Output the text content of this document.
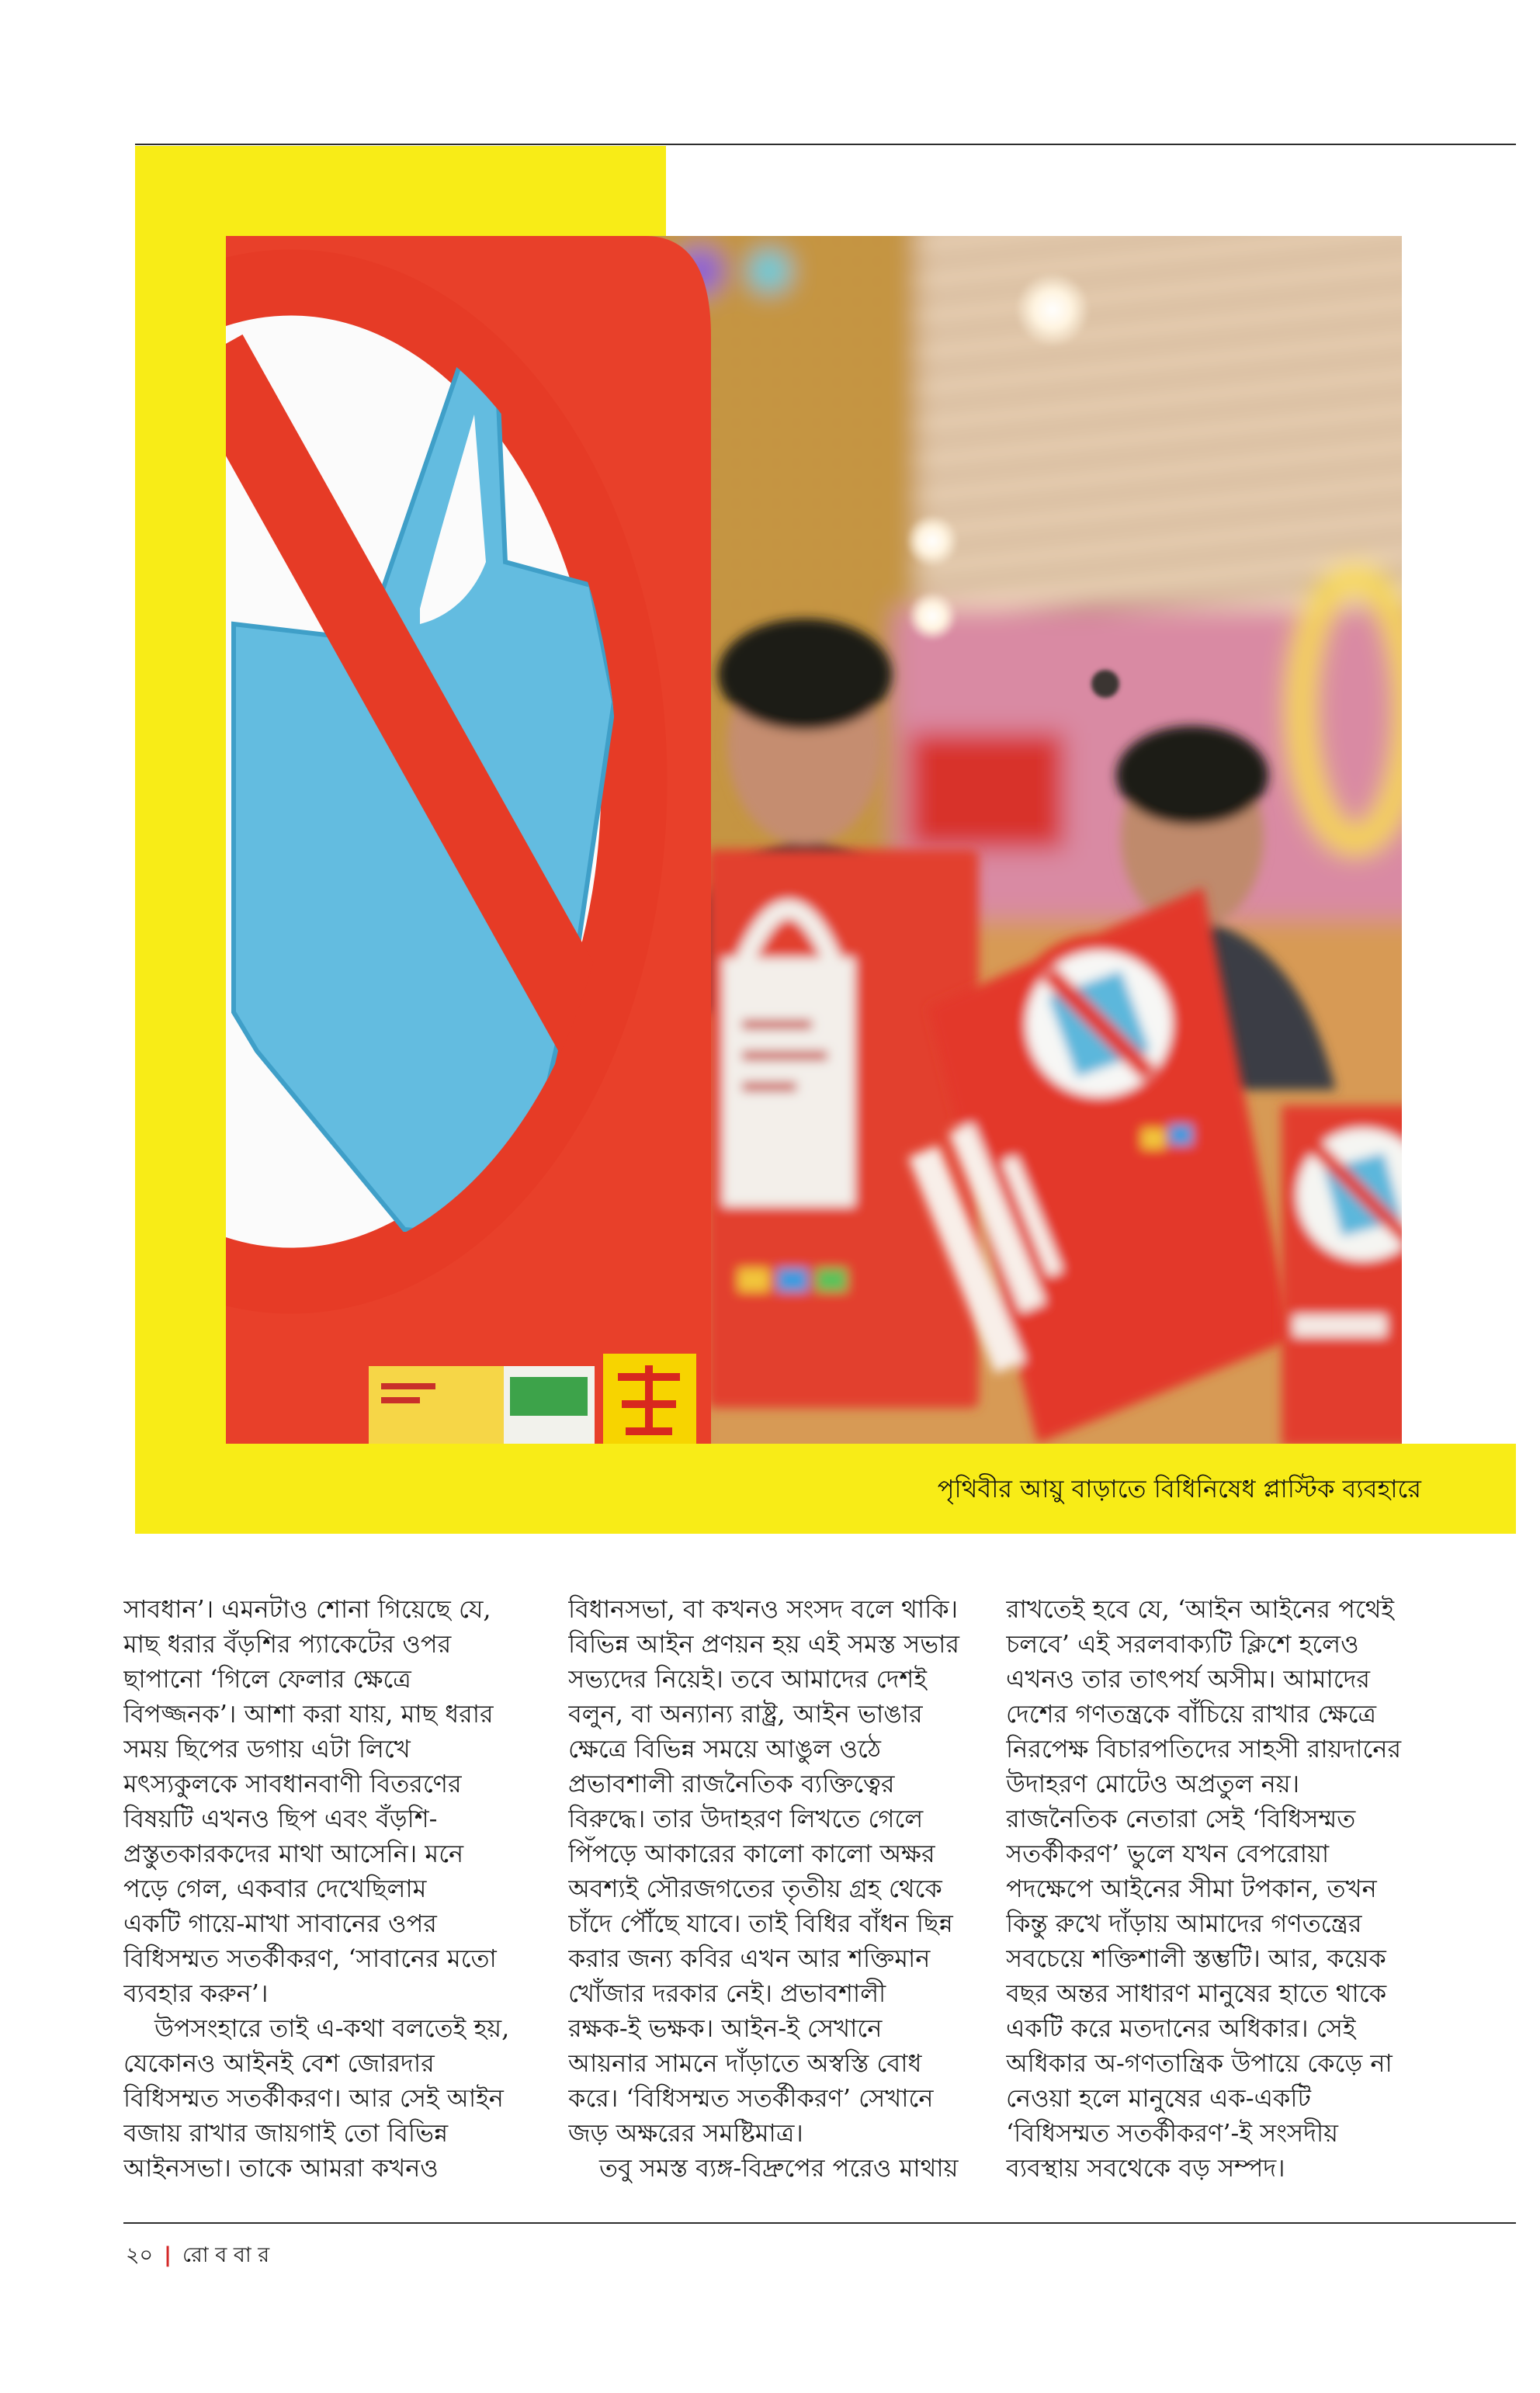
পৃথিবীর আয়ু বাড়াতে বিধিনিষেধ প্লাস্টিক ব্যবহারে
সাবধান’। এমনটাও শোনা গিয়েছে যে,
মাছ ধরার বঁড়শির প্যাকেটের ওপর
ছাপানো ‘গিলে ফেলার ক্ষেত্রে
বিপজ্জনক’। আশা করা যায়, মাছ ধরার
সময় ছিপের ডগায় এটা লিখে
মৎস্যকুলকে সাবধানবাণী বিতরণের
বিষয়টি এখনও ছিপ এবং বঁড়শি-
প্রস্তুতকারকদের মাথা আসেনি। মনে
পড়ে গেল, একবার দেখেছিলাম
একটি গায়ে-মাখা সাবানের ওপর
বিধিসম্মত সতর্কীকরণ, ‘সাবানের মতো
ব্যবহার করুন’।
উপসংহারে তাই এ-কথা বলতেই হয়,
যেকোনও আইনই বেশ জোরদার
বিধিসম্মত সতর্কীকরণ। আর সেই আইন
বজায় রাখার জায়গাই তো বিভিন্ন
আইনসভা। তাকে আমরা কখনও
বিধানসভা, বা কখনও সংসদ বলে থাকি।
বিভিন্ন আইন প্রণয়ন হয় এই সমস্ত সভার
সভ্যদের নিয়েই। তবে আমাদের দেশই
বলুন, বা অন্যান্য রাষ্ট্র, আইন ভাঙার
ক্ষেত্রে বিভিন্ন সময়ে আঙুল ওঠে
প্রভাবশালী রাজনৈতিক ব্যক্তিত্বের
বিরুদ্ধে। তার উদাহরণ লিখতে গেলে
পিঁপড়ে আকারের কালো কালো অক্ষর
অবশ্যই সৌরজগতের তৃতীয় গ্রহ থেকে
চাঁদে পৌঁছে যাবে। তাই বিধির বাঁধন ছিন্ন
করার জন্য কবির এখন আর শক্তিমান
খোঁজার দরকার নেই। প্রভাবশালী
রক্ষক-ই ভক্ষক। আইন-ই সেখানে
আয়নার সামনে দাঁড়াতে অস্বস্তি বোধ
করে। ‘বিধিসম্মত সতর্কীকরণ’ সেখানে
জড় অক্ষরের সমষ্টিমাত্র।
তবু সমস্ত ব্যঙ্গ-বিদ্রুপের পরেও মাথায়
রাখতেই হবে যে, ‘আইন আইনের পথেই
চলবে’ এই সরলবাক্যটি ক্লিশে হলেও
এখনও তার তাৎপর্য অসীম। আমাদের
দেশের গণতন্ত্রকে বাঁচিয়ে রাখার ক্ষেত্রে
নিরপেক্ষ বিচারপতিদের সাহসী রায়দানের
উদাহরণ মোটেও অপ্রতুল নয়।
রাজনৈতিক নেতারা সেই ‘বিধিসম্মত
সতর্কীকরণ’ ভুলে যখন বেপরোয়া
পদক্ষেপে আইনের সীমা টপকান, তখন
কিন্তু রুখে দাঁড়ায় আমাদের গণতন্ত্রের
সবচেয়ে শক্তিশালী স্তম্ভটি। আর, কয়েক
বছর অন্তর সাধারণ মানুষের হাতে থাকে
একটি করে মতদানের অধিকার। সেই
অধিকার অ-গণতান্ত্রিক উপায়ে কেড়ে না
নেওয়া হলে মানুষের এক-একটি
‘বিধিসম্মত সতর্কীকরণ’-ই সংসদীয়
ব্যবস্থায় সবথেকে বড় সম্পদ।
২০ | রো ব বা র
